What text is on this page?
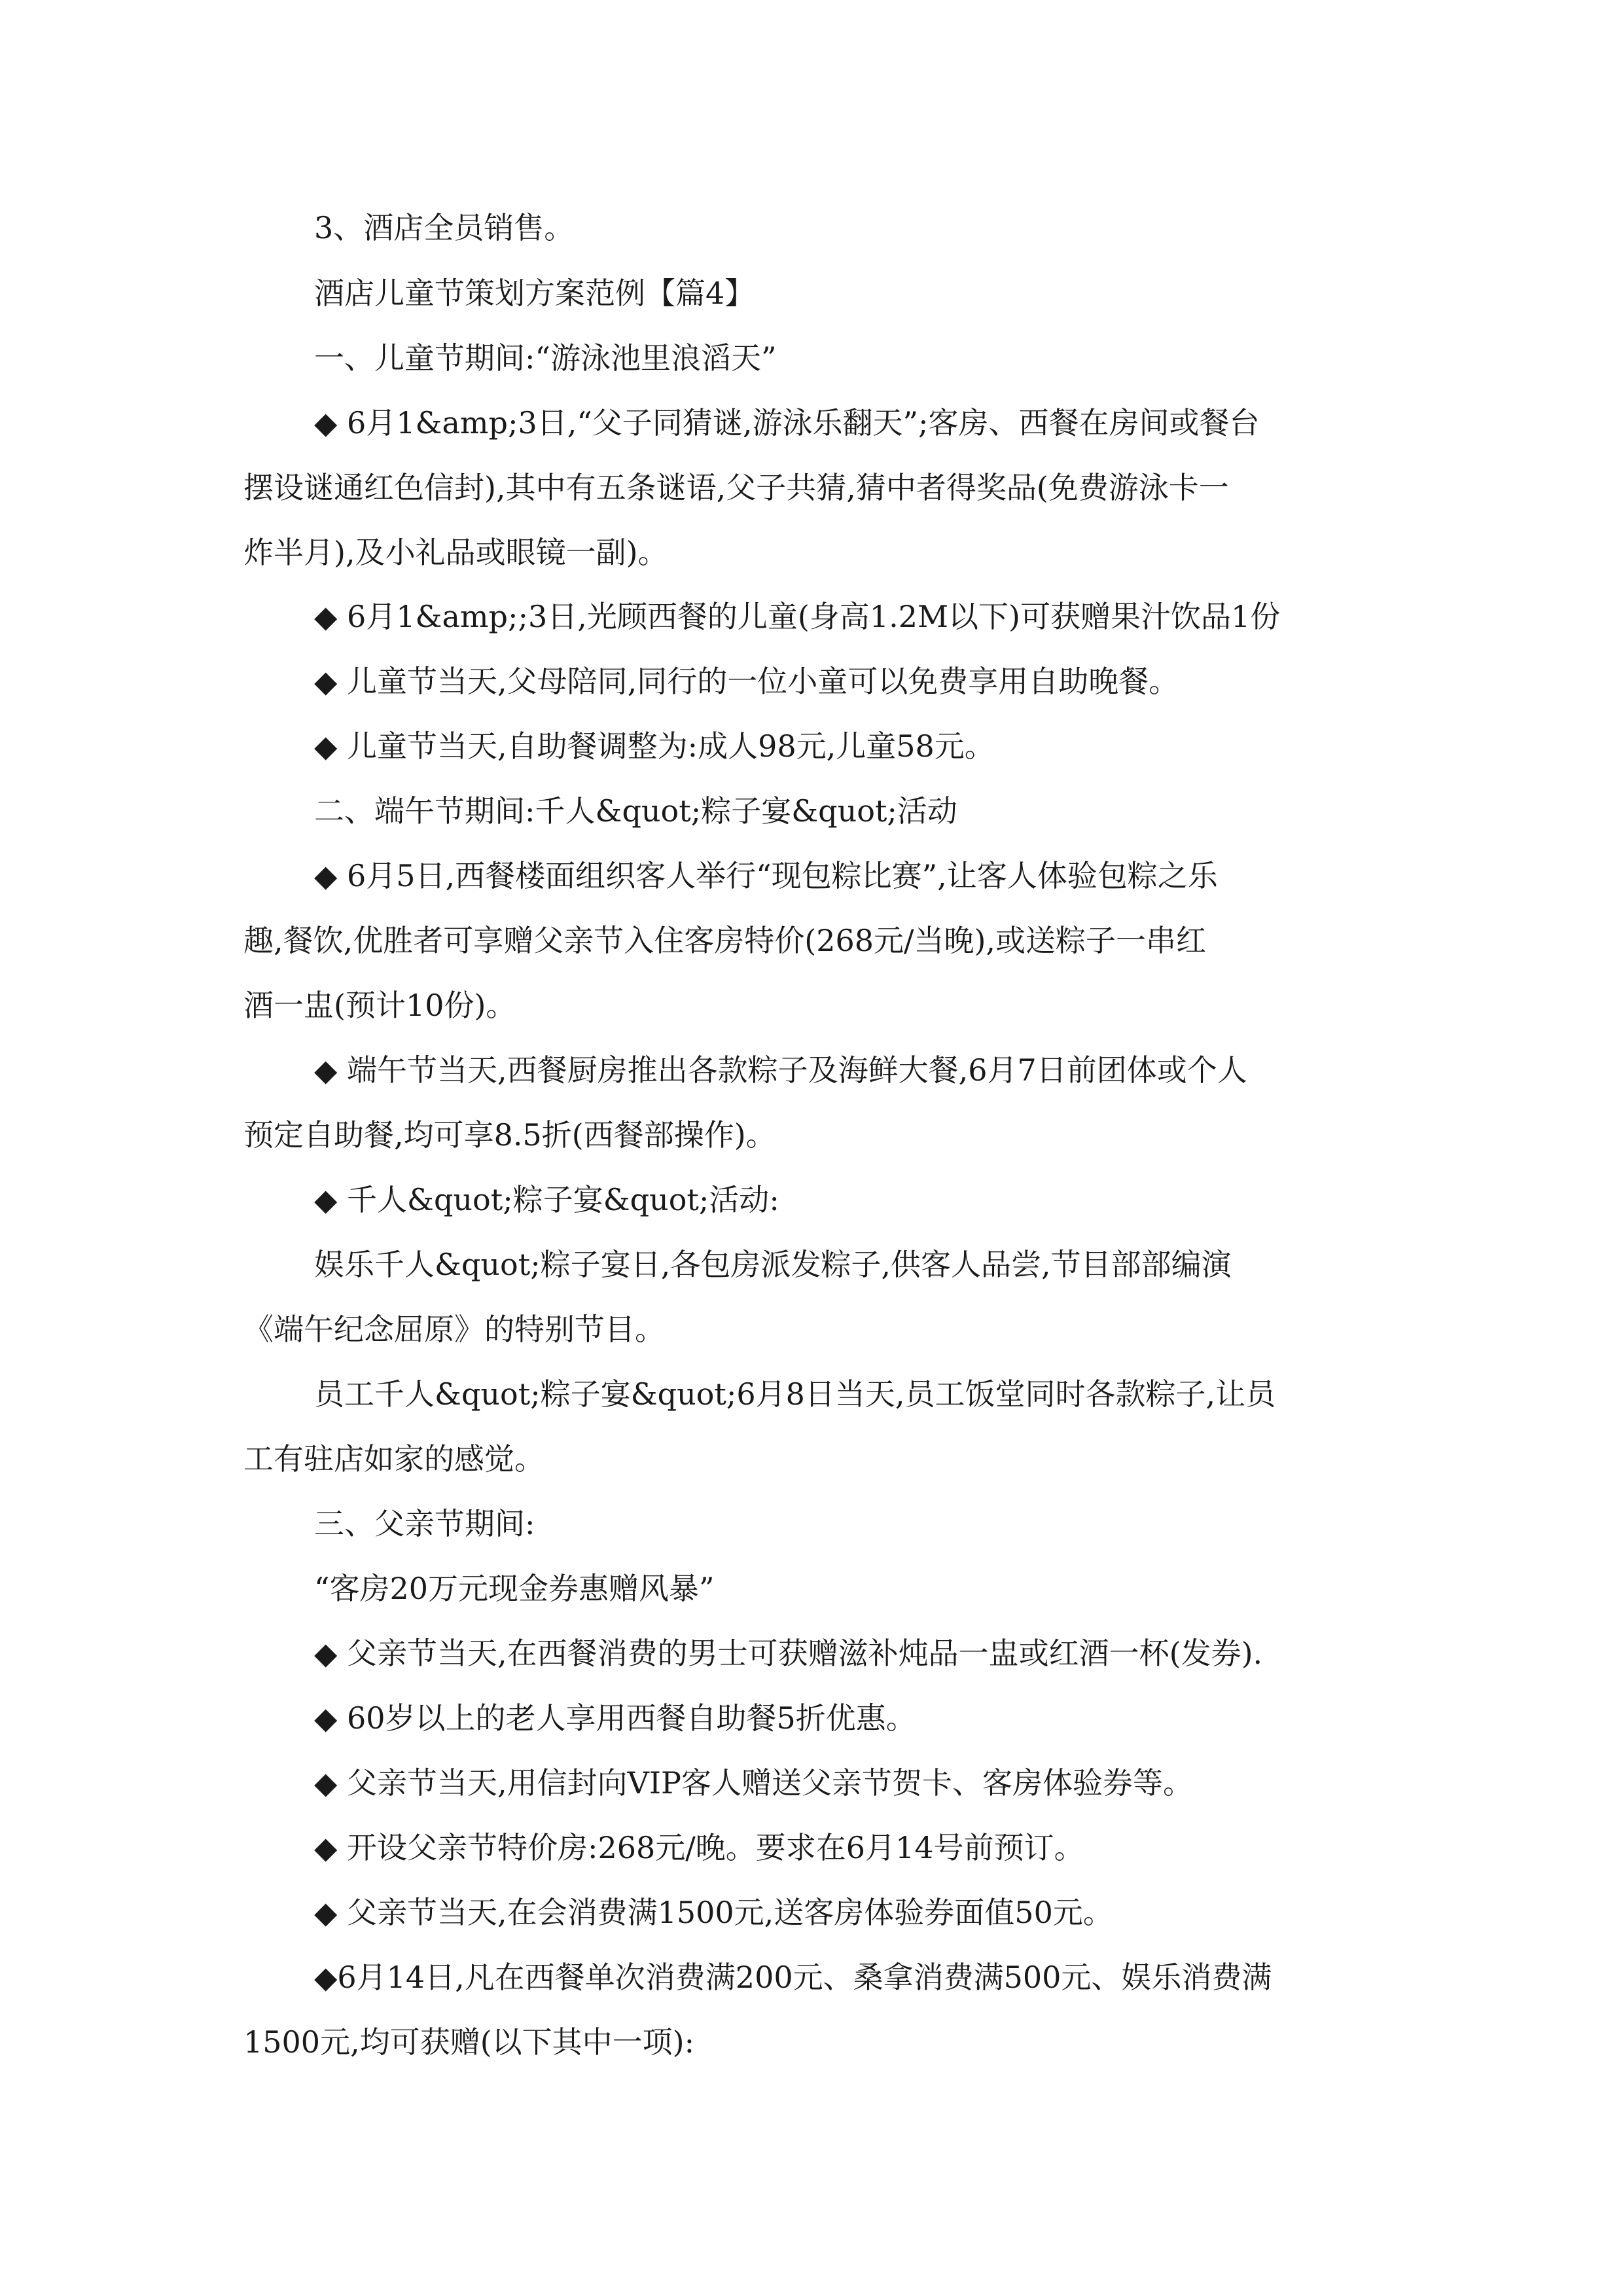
3、酒店全员销售。
酒店儿童节策划方案范例【篇4】
一、儿童节期间:“游泳池里浪滔天”
◆ 6月1&amp;3日,“父子同猜谜,游泳乐翻天”;客房、西餐在房间或餐台
摆设谜通红色信封),其中有五条谜语,父子共猜,猜中者得奖品(免费游泳卡一
炸半月),及小礼品或眼镜一副)。
◆ 6月1&amp;;3日,光顾西餐的儿童(身高1.2M以下)可获赠果汁饮品1份
◆ 儿童节当天,父母陪同,同行的一位小童可以免费享用自助晚餐。
◆ 儿童节当天,自助餐调整为:成人98元,儿童58元。
二、端午节期间:千人&quot;粽子宴&quot;活动
◆ 6月5日,西餐楼面组织客人举行“现包粽比赛”,让客人体验包粽之乐
趣,餐饮,优胜者可享赠父亲节入住客房特价(268元/当晚),或送粽子一串红
酒一盅(预计10份)。
◆ 端午节当天,西餐厨房推出各款粽子及海鲜大餐,6月7日前团体或个人
预定自助餐,均可享8.5折(西餐部操作)。
◆ 千人&quot;粽子宴&quot;活动:
娱乐千人&quot;粽子宴日,各包房派发粽子,供客人品尝,节目部部编演
《端午纪念屈原》的特别节目。
员工千人&quot;粽子宴&quot;6月8日当天,员工饭堂同时各款粽子,让员
工有驻店如家的感觉。
三、父亲节期间:
“客房20万元现金券惠赠风暴”
◆ 父亲节当天,在西餐消费的男士可获赠滋补炖品一盅或红酒一杯(发券).
◆ 60岁以上的老人享用西餐自助餐5折优惠。
◆ 父亲节当天,用信封向VIP客人赠送父亲节贺卡、客房体验券等。
◆ 开设父亲节特价房:268元/晚。要求在6月14号前预订。
◆ 父亲节当天,在会消费满1500元,送客房体验券面值50元。
◆6月14日,凡在西餐单次消费满200元、桑拿消费满500元、娱乐消费满
1500元,均可获赠(以下其中一项):
